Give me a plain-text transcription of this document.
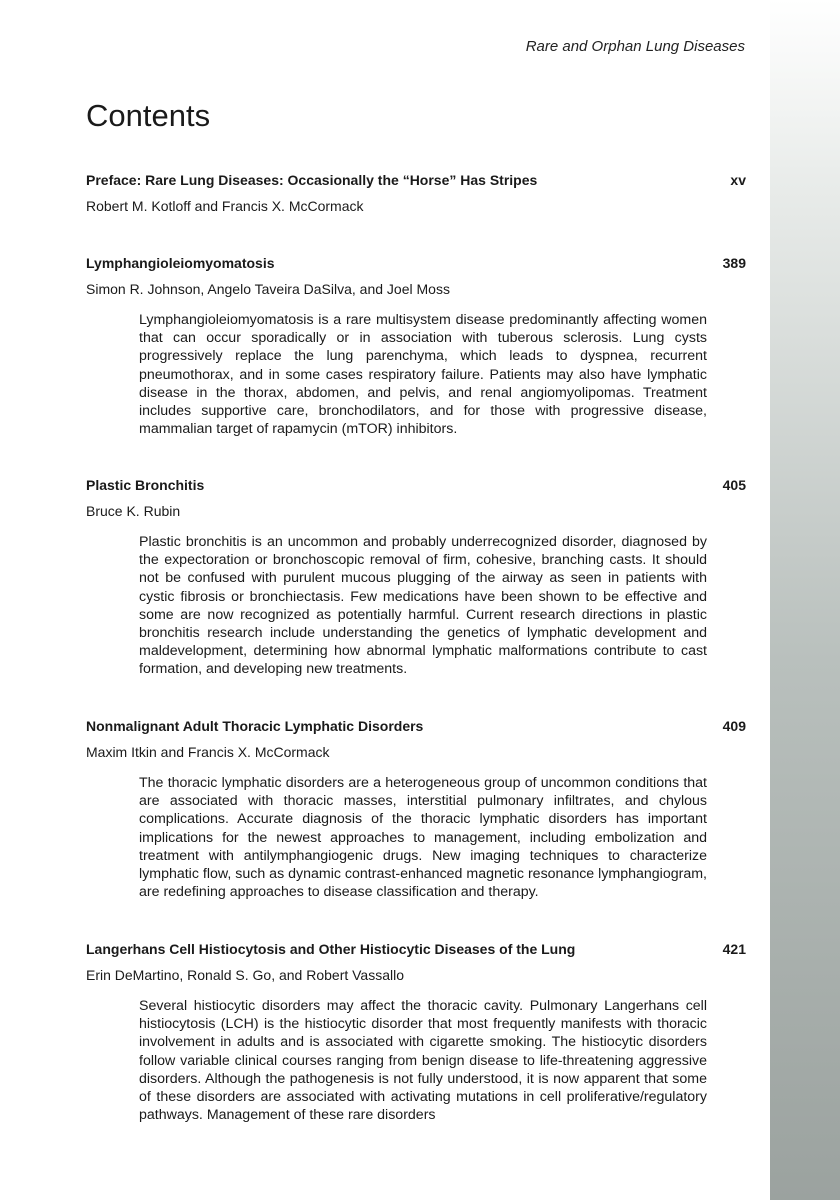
Rare and Orphan Lung Diseases
Contents
Preface: Rare Lung Diseases: Occasionally the “Horse” Has Stripes	xv
Robert M. Kotloff and Francis X. McCormack
Lymphangioleiomyomatosis	389
Simon R. Johnson, Angelo Taveira DaSilva, and Joel Moss

Lymphangioleiomyomatosis is a rare multisystem disease predominantly affecting women that can occur sporadically or in association with tuberous sclerosis. Lung cysts progressively replace the lung parenchyma, which leads to dyspnea, recurrent pneumothorax, and in some cases respiratory failure. Patients may also have lymphatic disease in the thorax, abdomen, and pelvis, and renal angiomyolipomas. Treatment includes supportive care, bronchodilators, and for those with progressive disease, mammalian target of rapamycin (mTOR) inhibitors.

Plastic Bronchitis	405
Bruce K. Rubin

Plastic bronchitis is an uncommon and probably underrecognized disorder, diagnosed by the expectoration or bronchoscopic removal of firm, cohesive, branching casts. It should not be confused with purulent mucous plugging of the airway as seen in patients with cystic fibrosis or bronchiectasis. Few medications have been shown to be effective and some are now recognized as potentially harmful. Current research directions in plastic bronchitis research include understanding the genetics of lymphatic development and maldevelopment, determining how abnormal lymphatic malformations contribute to cast formation, and developing new treatments.

Nonmalignant Adult Thoracic Lymphatic Disorders	409
Maxim Itkin and Francis X. McCormack

The thoracic lymphatic disorders are a heterogeneous group of uncommon conditions that are associated with thoracic masses, interstitial pulmonary infiltrates, and chylous complications. Accurate diagnosis of the thoracic lymphatic disorders has important implications for the newest approaches to management, including embolization and treatment with antilymphangiogenic drugs. New imaging techniques to characterize lymphatic flow, such as dynamic contrast-enhanced magnetic resonance lymphangiogram, are redefining approaches to disease classification and therapy.

Langerhans Cell Histiocytosis and Other Histiocytic Diseases of the Lung	421
Erin DeMartino, Ronald S. Go, and Robert Vassallo

Several histiocytic disorders may affect the thoracic cavity. Pulmonary Langerhans cell histiocytosis (LCH) is the histiocytic disorder that most frequently manifests with thoracic involvement in adults and is associated with cigarette smoking. The histiocytic disorders follow variable clinical courses ranging from benign disease to life-threatening aggressive disorders. Although the pathogenesis is not fully understood, it is now apparent that some of these disorders are associated with activating mutations in cell proliferative/regulatory pathways. Management of these rare disorders
